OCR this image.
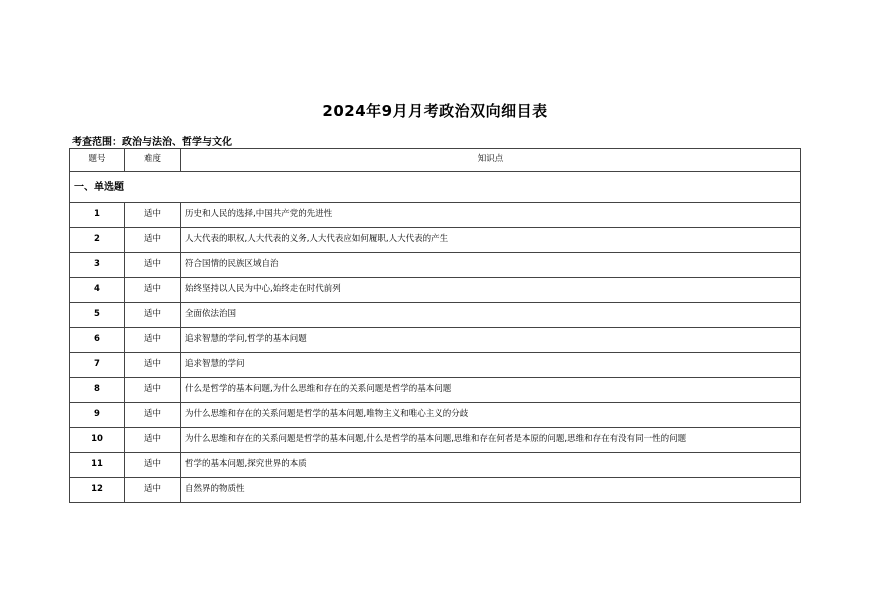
2024年9月月考政治双向细目表
考查范围：政治与法治、哲学与文化
题号	难度	知识点
一、单选题		
1	适中	历史和人民的选择,中国共产党的先进性
2	适中	人大代表的职权,人大代表的义务,人大代表应如何履职,人大代表的产生
3	适中	符合国情的民族区域自治
4	适中	始终坚持以人民为中心,始终走在时代前列
5	适中	全面依法治国
6	适中	追求智慧的学问,哲学的基本问题
7	适中	追求智慧的学问
8	适中	什么是哲学的基本问题,为什么思维和存在的关系问题是哲学的基本问题
9	适中	为什么思维和存在的关系问题是哲学的基本问题,唯物主义和唯心主义的分歧
10	适中	为什么思维和存在的关系问题是哲学的基本问题,什么是哲学的基本问题,思维和存在何者是本原的问题,思维和存在有没有同一性的问题
11	适中	哲学的基本问题,探究世界的本质
12	适中	自然界的物质性
